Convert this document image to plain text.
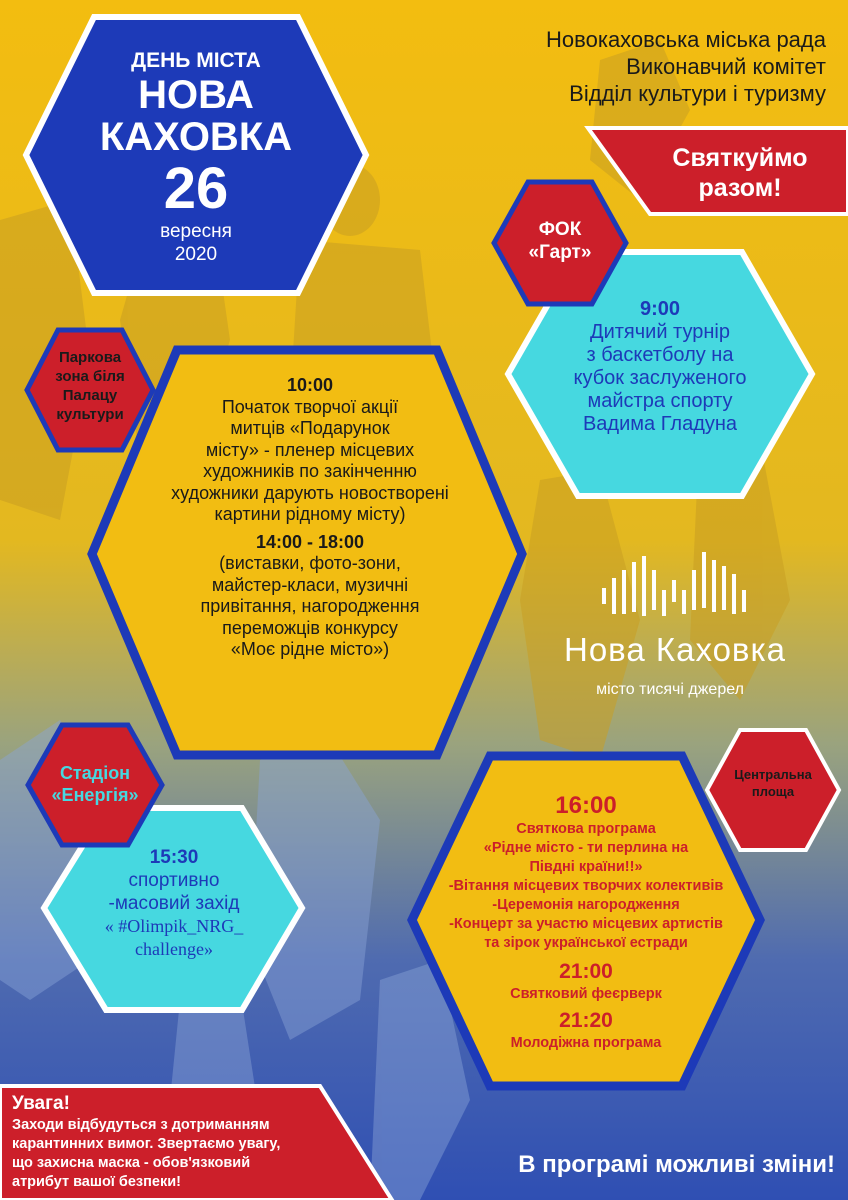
Новокаховська міська рада
Виконавчий комітет
Відділ культури і туризму
Святкуймо
разом!
ДЕНЬ МІСТА
НОВА
КАХОВКА
26
вересня
2020
ФОК
«Гарт»
9:00
Дитячий турнір
з баскетболу на
кубок заслуженого
майстра спорту
Вадима Гладуна
Паркова
зона біля
Палацу
культури
10:00
Початок творчої акції
митців «Подарунок
місту» - пленер місцевих
художників по закінченню
художники дарують новостворені
картини рідному місту)
14:00 - 18:00
(виставки, фото-зони,
майстер-класи, музичні
привітання, нагородження
переможців конкурсу
«Моє рідне місто»)	Нова Каховка
місто тисячі джерел
Стадіон
«Енергія»
15:30
спортивно
-масовий захід
« #Olimpik_NRG_
challenge»
Центральна
площа
16:00
Святкова програма
«Рідне місто - ти перлина на
Півдні країни!!»
-Вітання місцевих творчих колективів
-Церемонія нагородження
-Концерт за участю місцевих артистів
та зірок української естради
21:00
Святковий феєрверк
21:20
Молодіжна програма
Увага!
Заходи відбудуться з дотриманням
карантинних вимог. Звертаємо увагу,
що захисна маска - обов'язковий
атрибут вашої безпеки!
В програмі можливі зміни!
